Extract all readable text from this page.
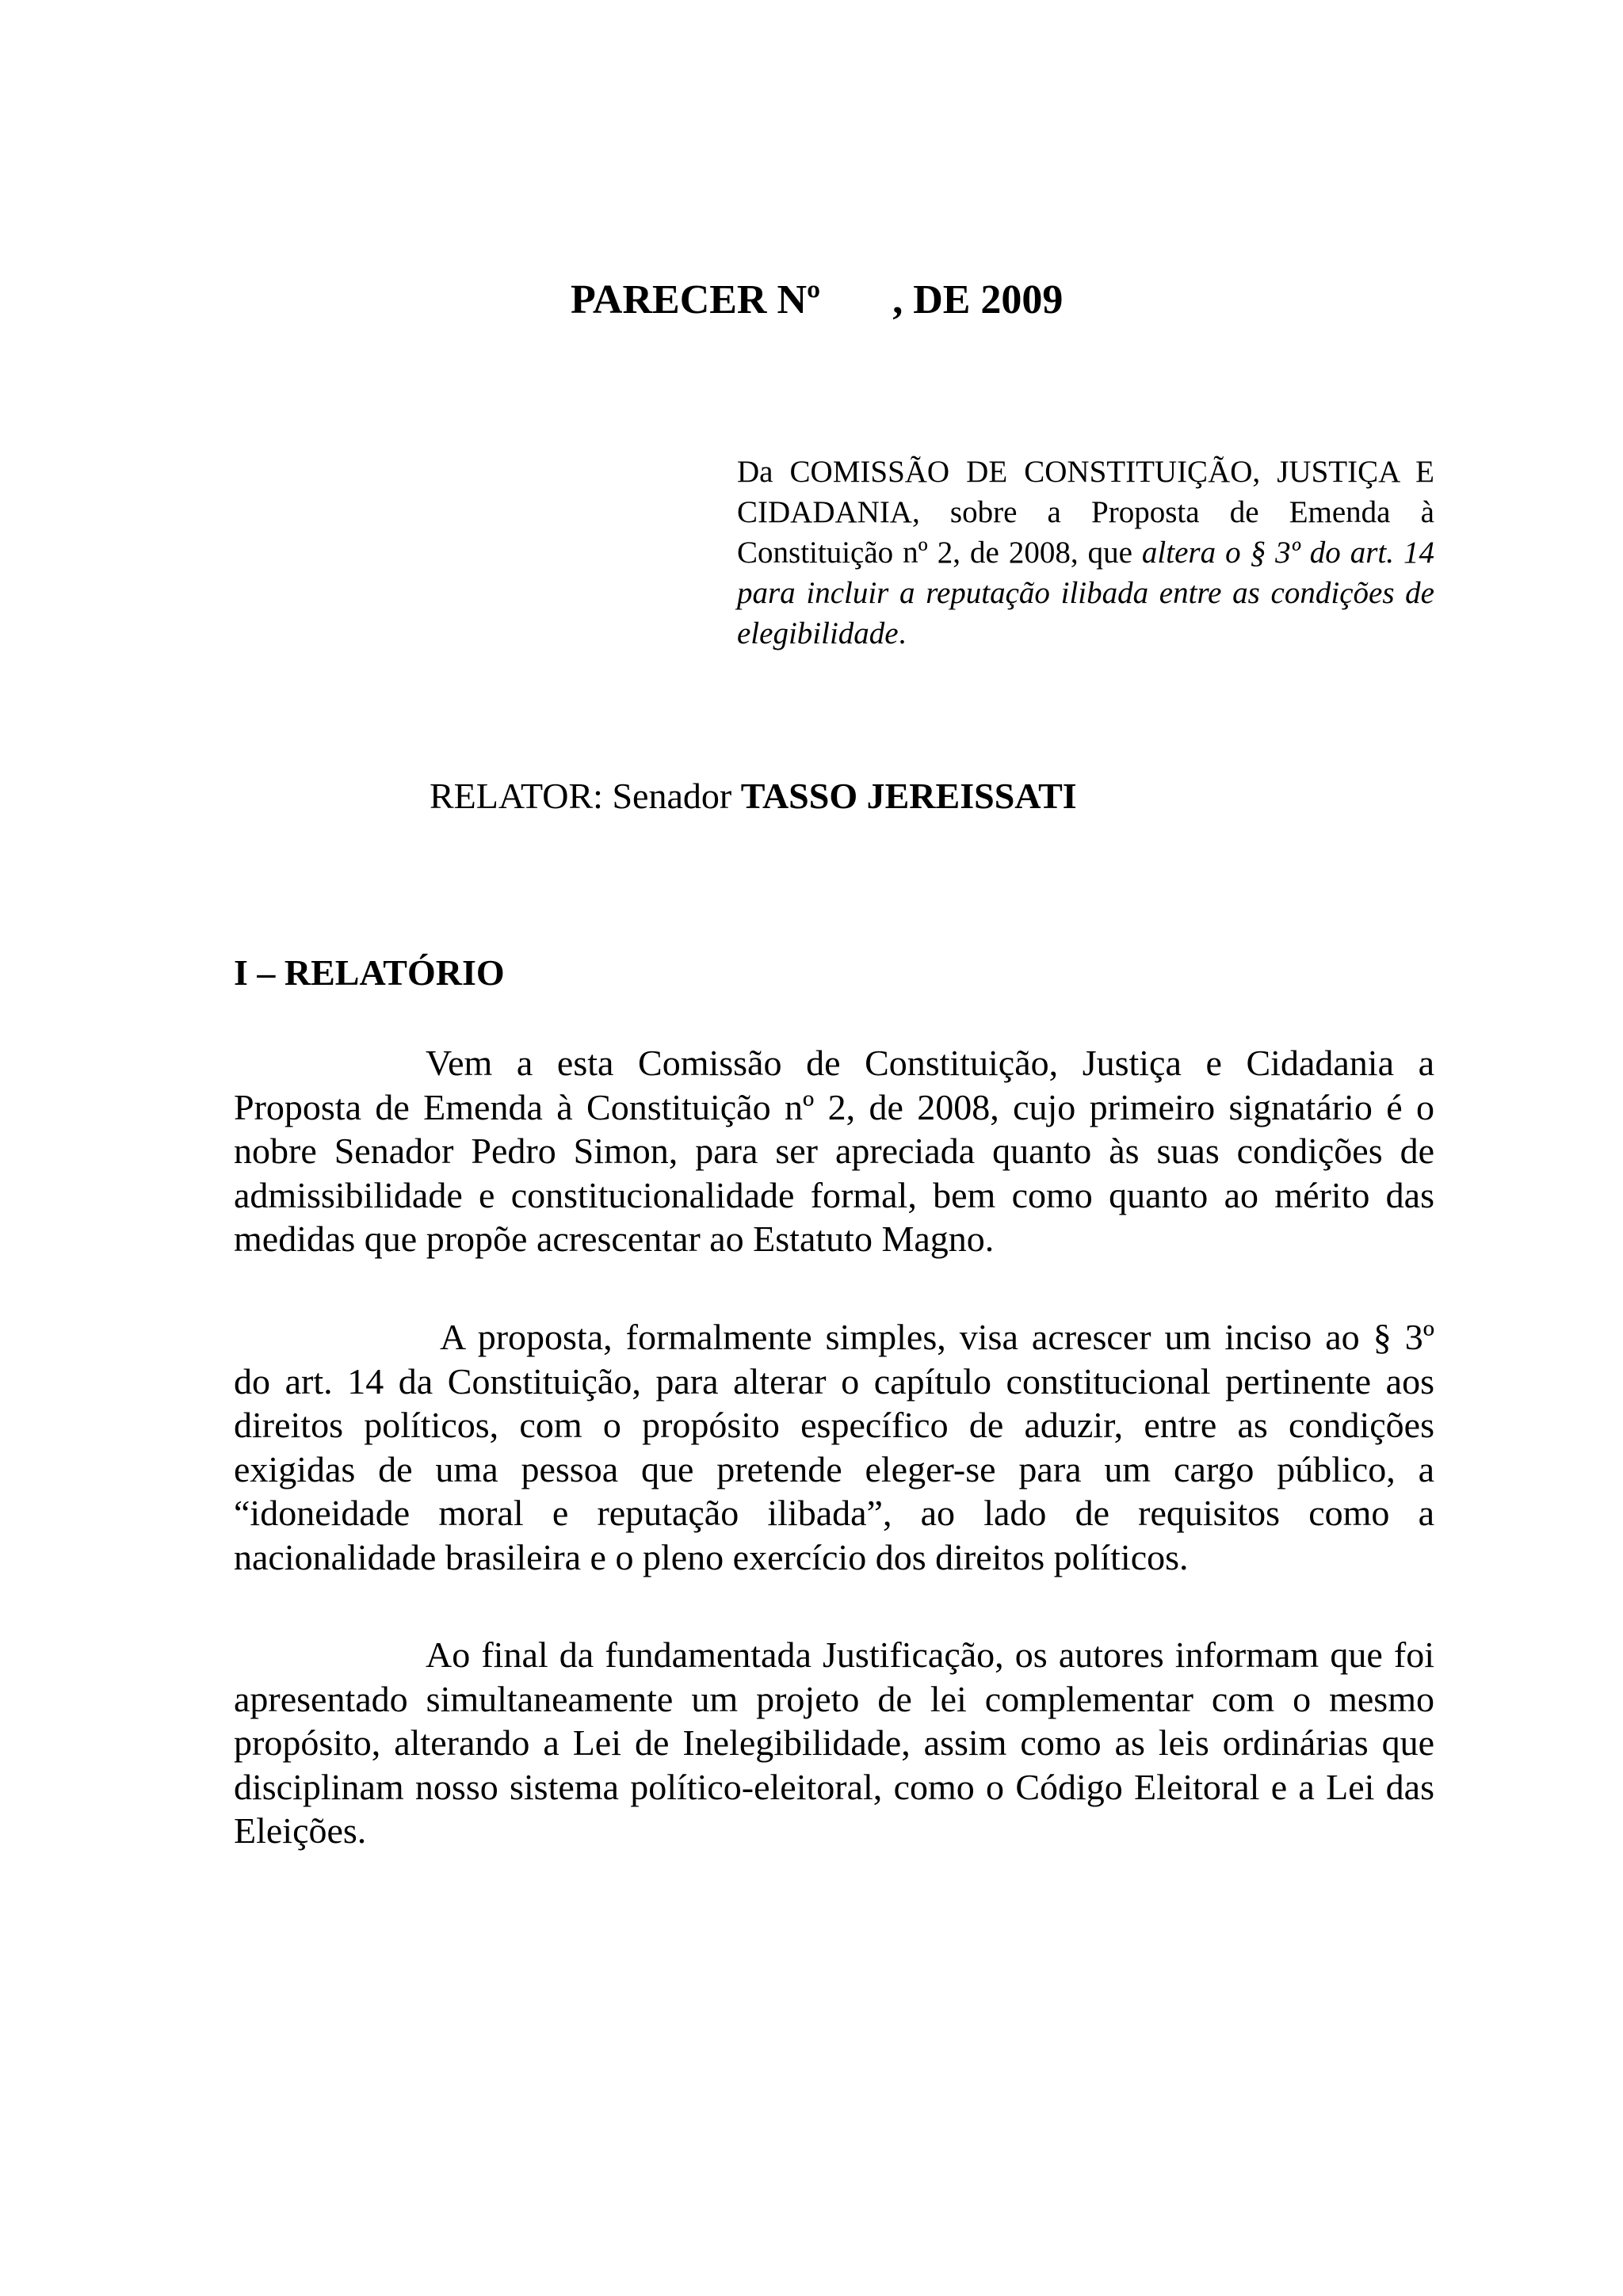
PARECER Nº       , DE 2009

Da COMISSÃO DE CONSTITUIÇÃO, JUSTIÇA E CIDADANIA, sobre a Proposta de Emenda à Constituição nº 2, de 2008, que altera o § 3º do art. 14 para incluir a reputação ilibada entre as condições de elegibilidade.

RELATOR: Senador TASSO JEREISSATI

I – RELATÓRIO

Vem a esta Comissão de Constituição, Justiça e Cidadania a Proposta de Emenda à Constituição nº 2, de 2008, cujo primeiro signatário é o nobre Senador Pedro Simon, para ser apreciada quanto às suas condições de admissibilidade e constitucionalidade formal, bem como quanto ao mérito das medidas que propõe acrescentar ao Estatuto Magno.

A proposta, formalmente simples, visa acrescer um inciso ao § 3º do art. 14 da Constituição, para alterar o capítulo constitucional pertinente aos direitos políticos, com o propósito específico de aduzir, entre as condições exigidas de uma pessoa que pretende eleger-se para um cargo público, a “idoneidade moral e reputação ilibada”, ao lado de requisitos como a nacionalidade brasileira e o pleno exercício dos direitos políticos.

Ao final da fundamentada Justificação, os autores informam que foi apresentado simultaneamente um projeto de lei complementar com o mesmo propósito, alterando a Lei de Inelegibilidade, assim como as leis ordinárias que disciplinam nosso sistema político-eleitoral, como o Código Eleitoral e a Lei das Eleições.
